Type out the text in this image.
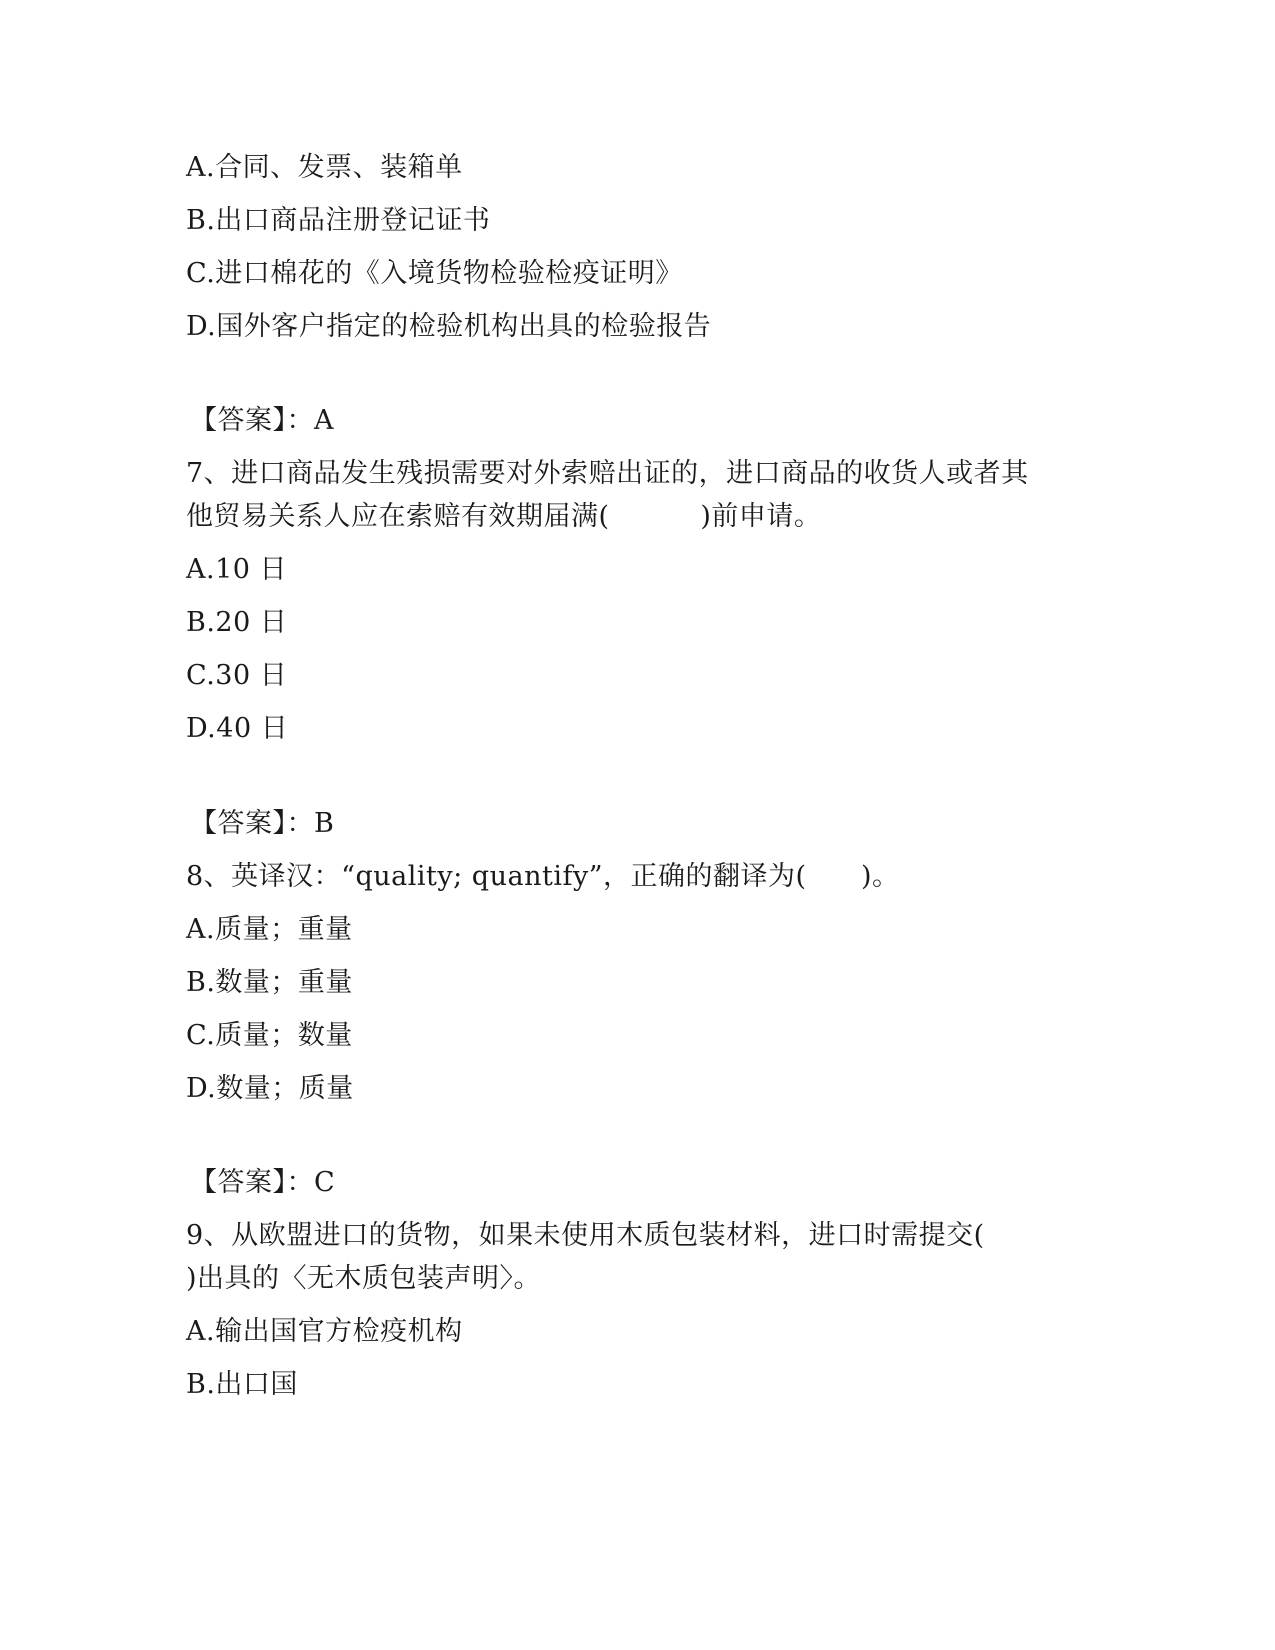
A.合同、发票、装箱单
B.出口商品注册登记证书
C.进口棉花的《入境货物检验检疫证明》
D.国外客户指定的检验机构出具的检验报告
【答案】：A
7、进口商品发生残损需要对外索赔出证的，进口商品的收货人或者其
他贸易关系人应在索赔有效期届满(          )前申请。
A.10 日
B.20 日
C.30 日
D.40 日
【答案】：B
8、英译汉：“quality; quantify”，正确的翻译为(      )。
A.质量；重量
B.数量；重量
C.质量；数量
D.数量；质量
【答案】：C
9、从欧盟进口的货物，如果未使用木质包装材料，进口时需提交(
)出具的〈无木质包装声明〉。
A.输出国官方检疫机构
B.出口国
